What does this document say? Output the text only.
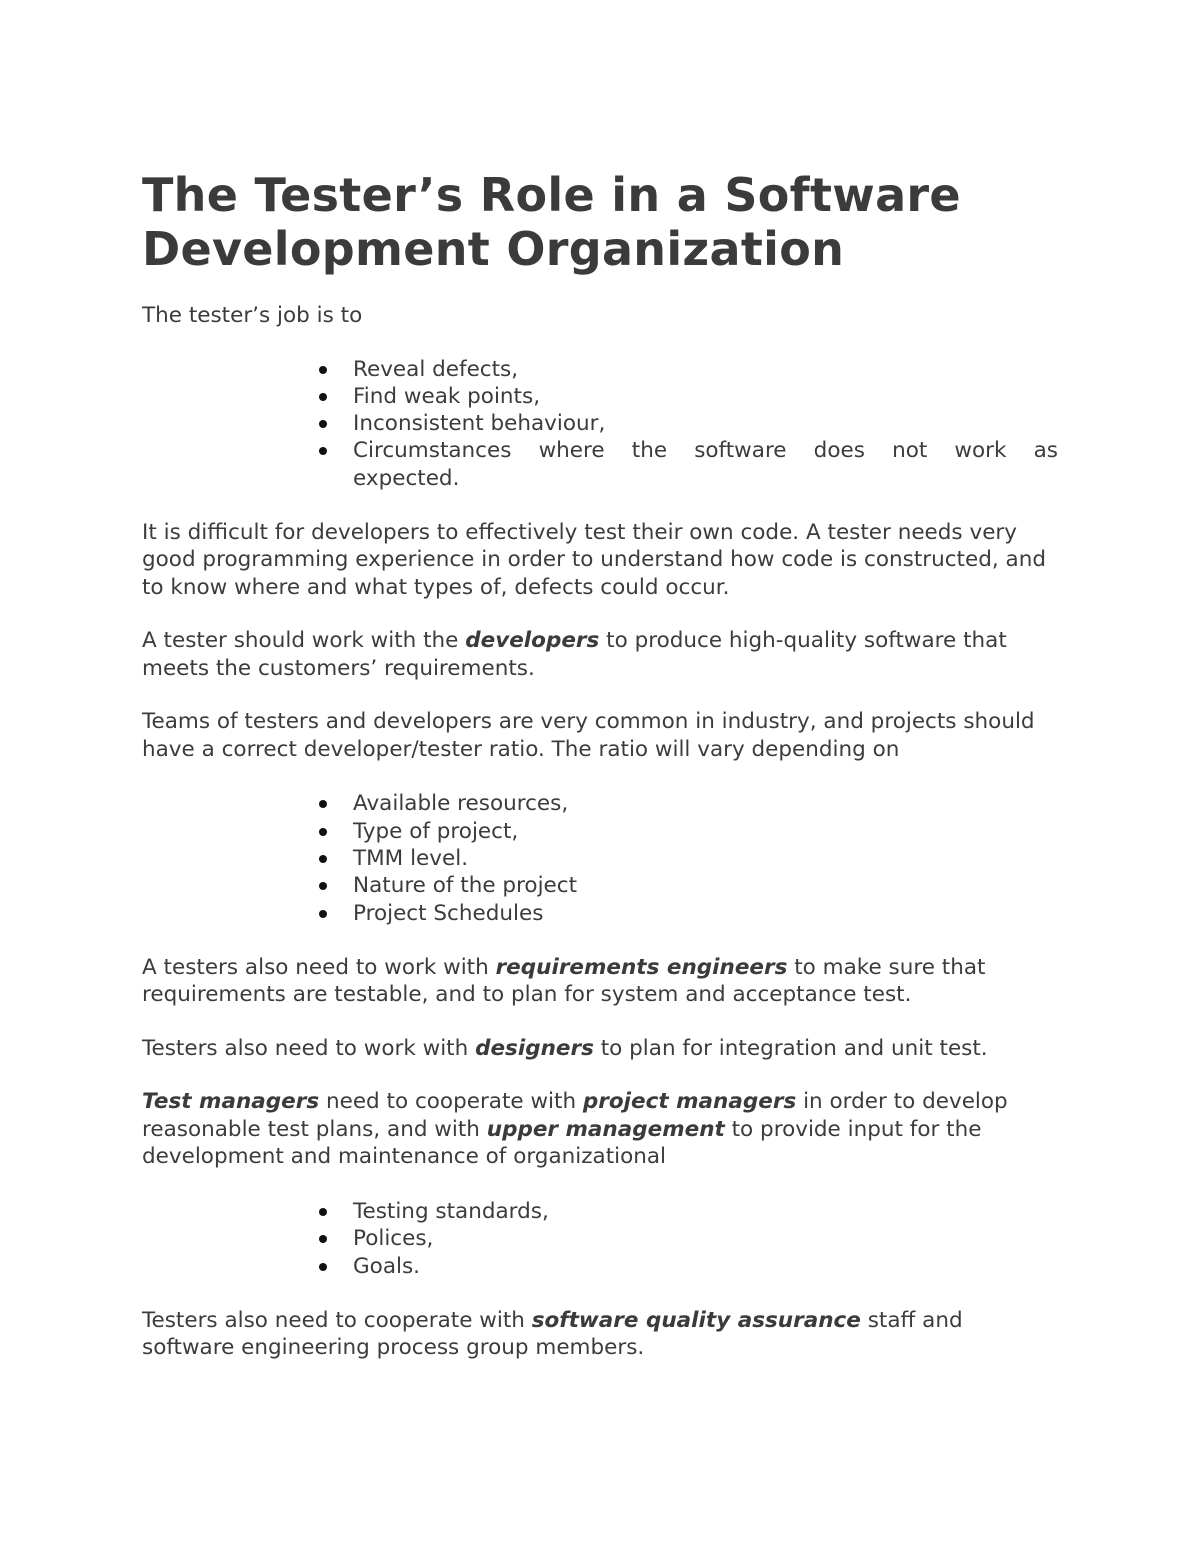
The Tester’s Role in a Software
Development Organization

The tester’s job is to

Reveal defects,
Find weak points,
Inconsistent behaviour,
Circumstances where the software does not work as
expected.

It is difficult for developers to effectively test their own code. A tester needs very good programming experience in order to understand how code is constructed, and to know where and what types of, defects could occur.

A tester should work with the developers to produce high-quality software that meets the customers’ requirements.

Teams of testers and developers are very common in industry, and projects should have a correct developer/tester ratio. The ratio will vary depending on

Available resources,
Type of project,
TMM level.
Nature of the project
Project Schedules

A testers also need to work with requirements engineers to make sure that requirements are testable, and to plan for system and acceptance test.

Testers also need to work with designers to plan for integration and unit test.

Test managers need to cooperate with project managers in order to develop reasonable test plans, and with upper management to provide input for the development and maintenance of organizational

Testing standards,
Polices,
Goals.

Testers also need to cooperate with software quality assurance staff and software engineering process group members.
